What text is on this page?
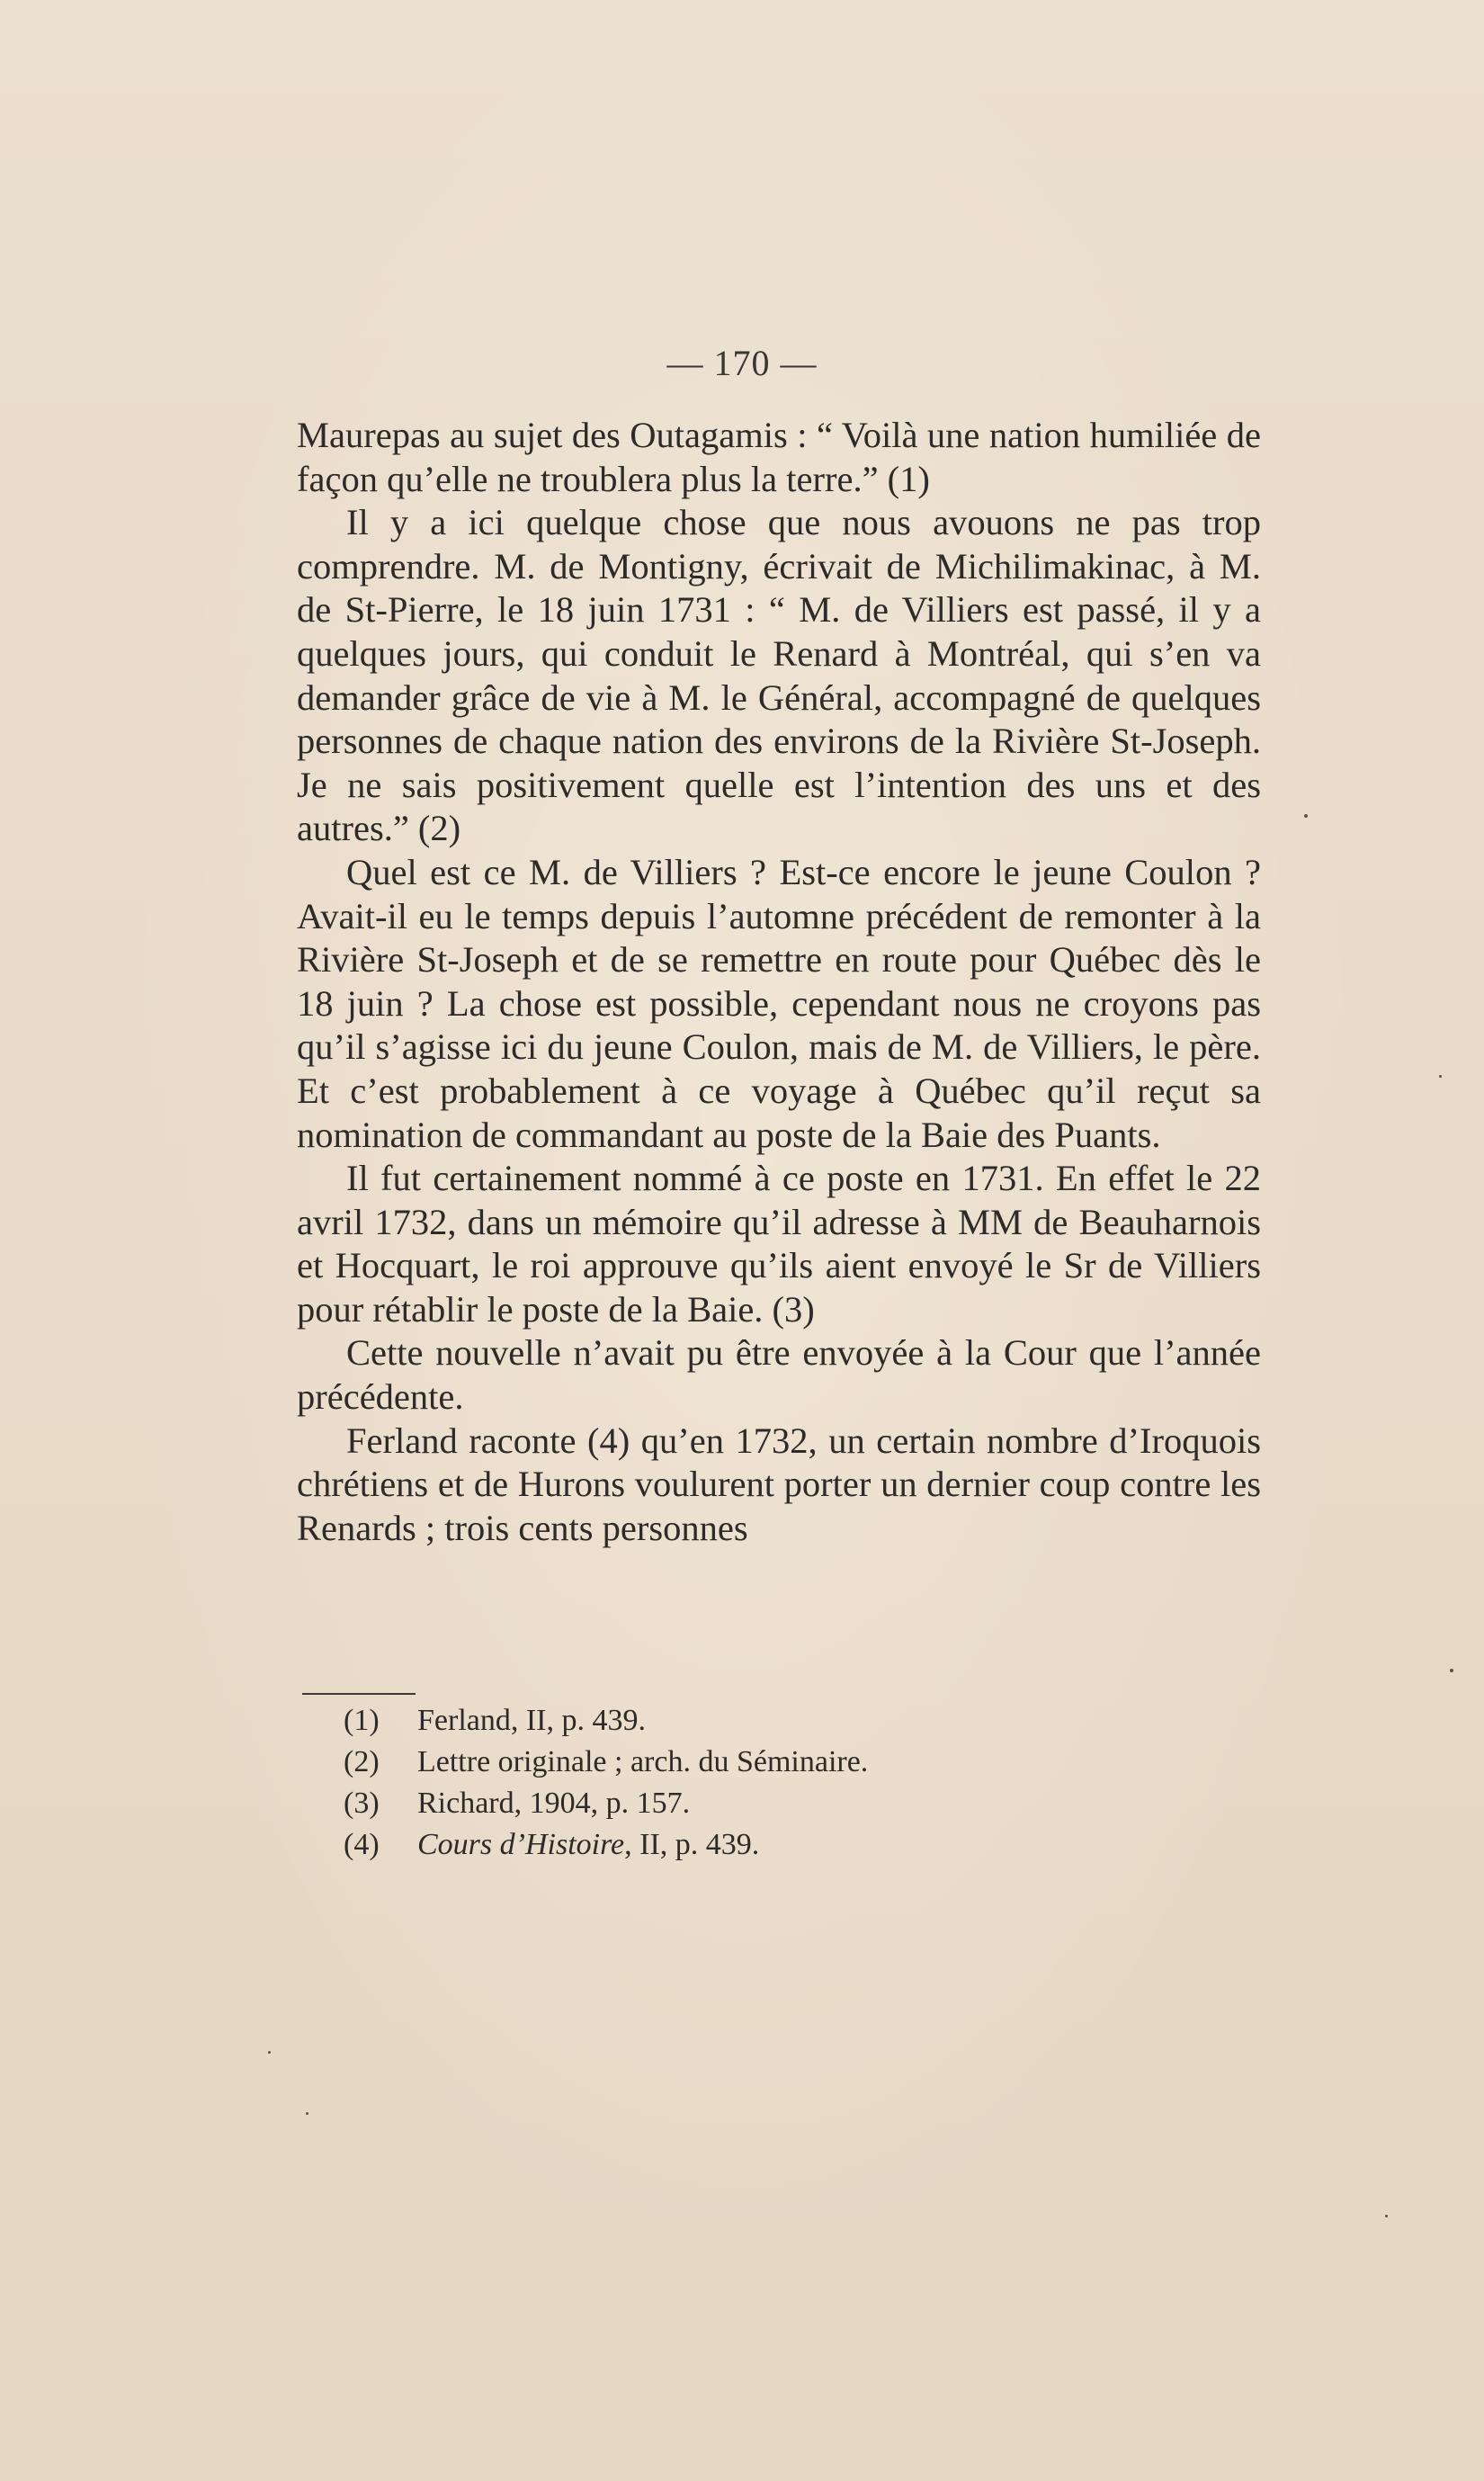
— 170 —

Maurepas au sujet des Outagamis : “ Voilà une nation humiliée de façon qu’elle ne troublera plus la terre.” (1)

Il y a ici quelque chose que nous avouons ne pas trop comprendre. M. de Montigny, écrivait de Michilimakinac, à M. de St-Pierre, le 18 juin 1731 : “ M. de Villiers est passé, il y a quelques jours, qui conduit le Renard à Montréal, qui s’en va demander grâce de vie à M. le Général, accompagné de quelques personnes de chaque nation des environs de la Rivière St-Joseph. Je ne sais positivement quelle est l’intention des uns et des autres.” (2)

Quel est ce M. de Villiers ? Est-ce encore le jeune Coulon ? Avait-il eu le temps depuis l’automne précédent de remonter à la Rivière St-Joseph et de se remettre en route pour Québec dès le 18 juin ? La chose est possible, cependant nous ne croyons pas qu’il s’agisse ici du jeune Coulon, mais de M. de Villiers, le père. Et c’est probablement à ce voyage à Québec qu’il reçut sa nomination de commandant au poste de la Baie des Puants.

Il fut certainement nommé à ce poste en 1731. En effet le 22 avril 1732, dans un mémoire qu’il adresse à MM de Beauharnois et Hocquart, le roi approuve qu’ils aient envoyé le Sr de Villiers pour rétablir le poste de la Baie. (3)

Cette nouvelle n’avait pu être envoyée à la Cour que l’année précédente.

Ferland raconte (4) qu’en 1732, un certain nombre d’Iroquois chrétiens et de Hurons voulurent porter un dernier coup contre les Renards ; trois cents personnes

(1) Ferland, II, p. 439.
(2) Lettre originale ; arch. du Séminaire.
(3) Richard, 1904, p. 157.
(4) Cours d’Histoire, II, p. 439.
